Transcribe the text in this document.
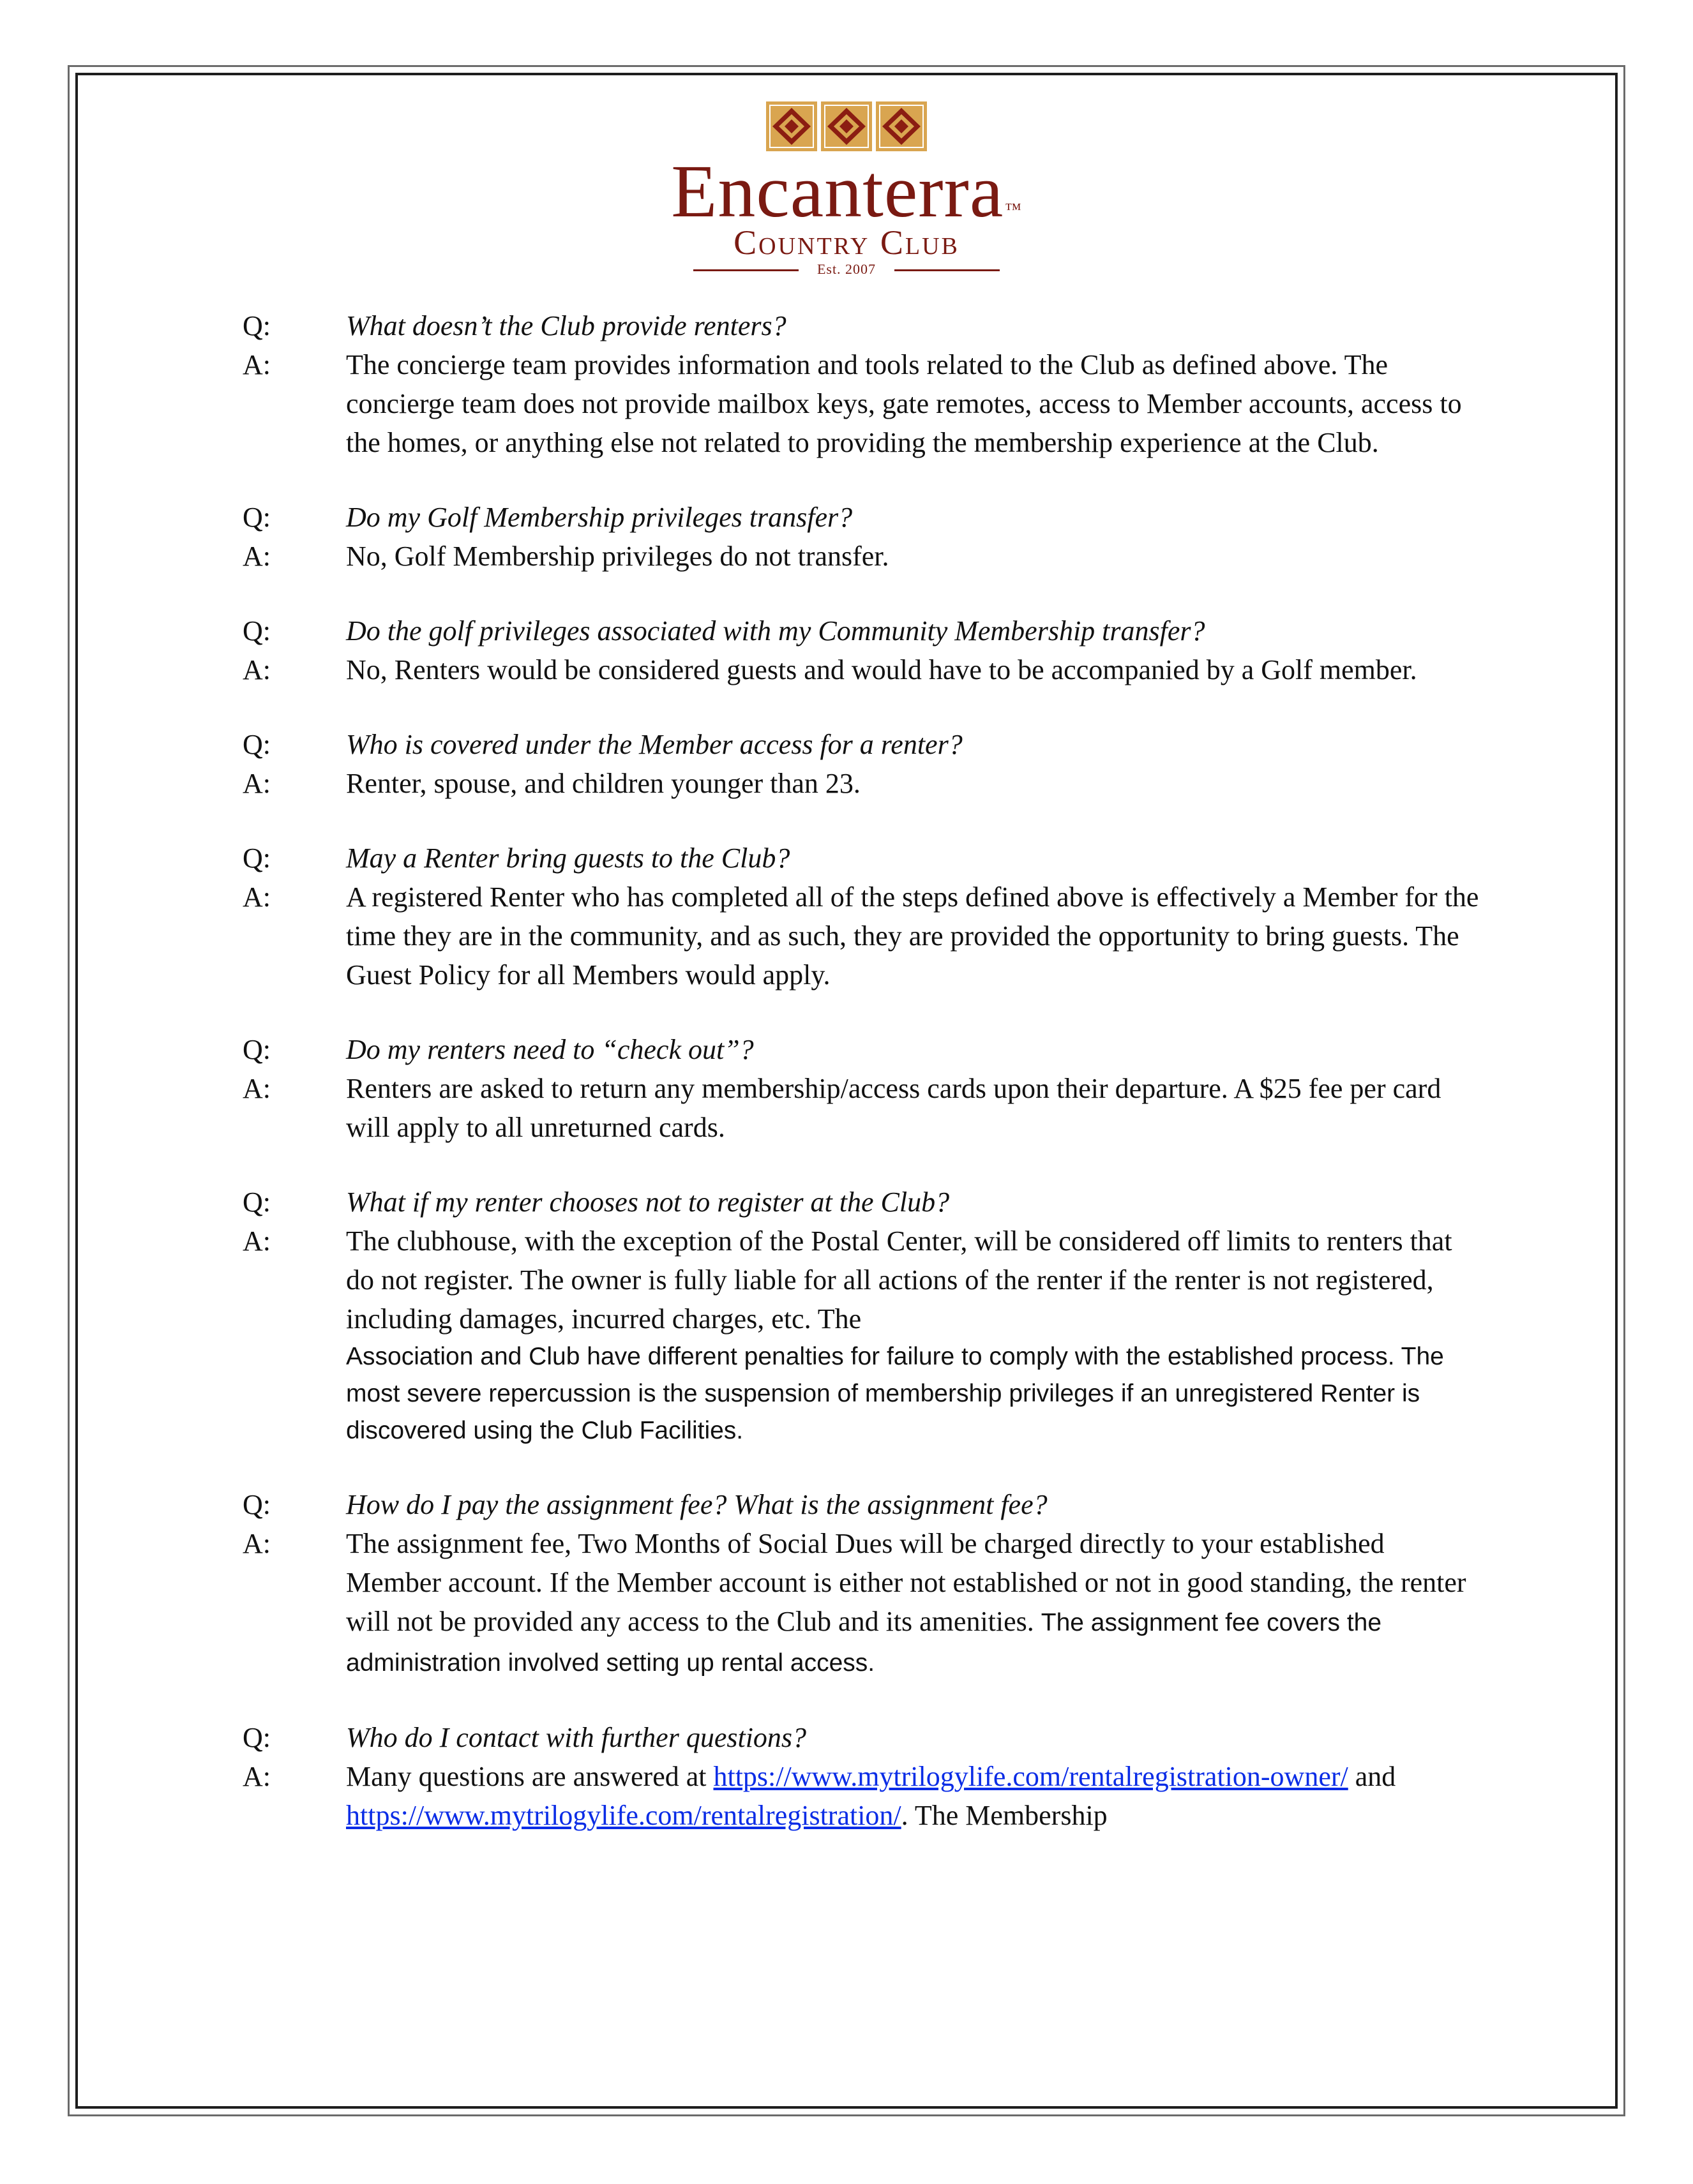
Encanterra™
Country Club
Est. 2007
Q:	What doesn’t the Club provide renters?
A:	The concierge team provides information and tools related to the Club as defined above. The concierge team does not provide mailbox keys, gate remotes, access to Member accounts, access to the homes, or anything else not related to providing the membership experience at the Club.
Q:	Do my Golf Membership privileges transfer?
A:	No, Golf Membership privileges do not transfer.
Q:	Do the golf privileges associated with my Community Membership transfer?
A:	No, Renters would be considered guests and would have to be accompanied by a Golf member.
Q:	Who is covered under the Member access for a renter?
A:	Renter, spouse, and children younger than 23.
Q:	May a Renter bring guests to the Club?
A:	A registered Renter who has completed all of the steps defined above is effectively a Member for the time they are in the community, and as such, they are provided the opportunity to bring guests. The Guest Policy for all Members would apply.
Q:	Do my renters need to “check out”?
A:	Renters are asked to return any membership/access cards upon their departure. A $25 fee per card will apply to all unreturned cards.
Q:	What if my renter chooses not to register at the Club?
A:	The clubhouse, with the exception of the Postal Center, will be considered off limits to renters that do not register. The owner is fully liable for all actions of the renter if the renter is not registered, including damages, incurred charges, etc. The
Association and Club have different penalties for failure to comply with the established process. The most severe repercussion is the suspension of membership privileges if an unregistered Renter is discovered using the Club Facilities.
Q:	How do I pay the assignment fee? What is the assignment fee?
A:	The assignment fee, Two Months of Social Dues will be charged directly to your established Member account. If the Member account is either not established or not in good standing, the renter will not be provided any access to the Club and its amenities. The assignment fee covers the administration involved setting up rental access.
Q:	Who do I contact with further questions?
A:	Many questions are answered at https://www.mytrilogylife.com/rentalregistration-owner/ and https://www.mytrilogylife.com/rentalregistration/. The Membership
